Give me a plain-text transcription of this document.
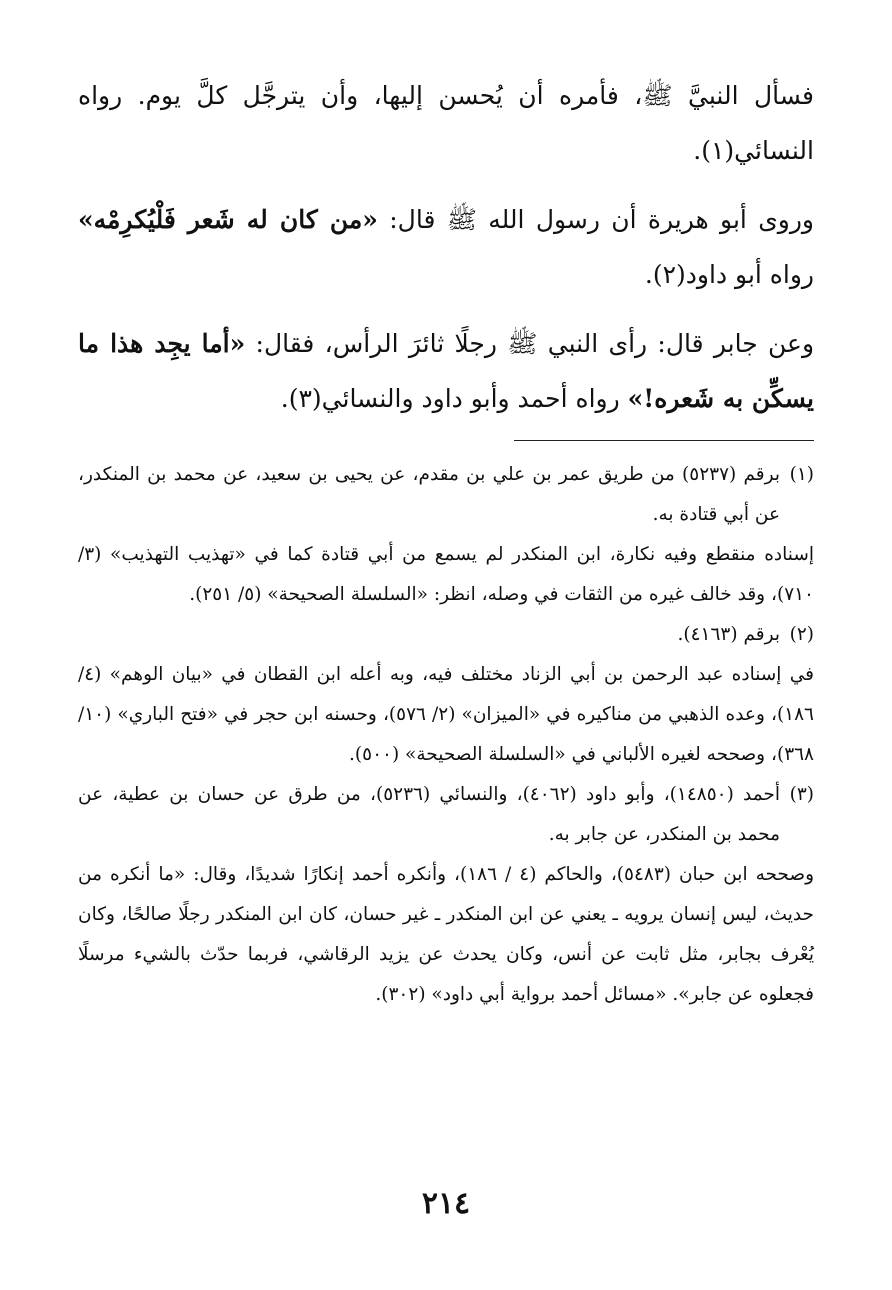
فسأل النبيَّ ﷺ، فأمره أن يُحسن إليها، وأن يترجَّل كلَّ يوم. رواه النسائي(١).

وروى أبو هريرة أن رسول الله ﷺ قال: «من كان له شَعر فَلْيُكرِمْه» رواه أبو داود(٢).

وعن جابر قال: رأى النبي ﷺ رجلًا ثائرَ الرأس، فقال: «أما يجِد هذا ما يسكِّن به شَعره!» رواه أحمد وأبو داود والنسائي(٣).

(١)

برقم (٥٢٣٧) من طريق عمر بن علي بن مقدم، عن يحيى بن سعيد، عن محمد بن المنكدر، عن أبي قتادة به.

إسناده منقطع وفيه نكارة، ابن المنكدر لم يسمع من أبي قتادة كما في «تهذيب التهذيب» (٣/ ٧١٠)، وقد خالف غيره من الثقات في وصله، انظر: «السلسلة الصحيحة» (٥/ ٢٥١).

(٢)

برقم (٤١٦٣).

في إسناده عبد الرحمن بن أبي الزناد مختلف فيه، وبه أعله ابن القطان في «بيان الوهم» (٤/ ١٨٦)، وعده الذهبي من مناكيره في «الميزان» (٢/ ٥٧٦)، وحسنه ابن حجر في «فتح الباري» (١٠/ ٣٦٨)، وصححه لغيره الألباني في «السلسلة الصحيحة» (٥٠٠).

(٣)

أحمد (١٤٨٥٠)، وأبو داود (٤٠٦٢)، والنسائي (٥٢٣٦)، من طرق عن حسان بن عطية، عن محمد بن المنكدر، عن جابر به.

وصححه ابن حبان (٥٤٨٣)، والحاكم (٤ / ١٨٦)، وأنكره أحمد إنكارًا شديدًا، وقال: «ما أنكره من حديث، ليس إنسان يرويه ـ يعني عن ابن المنكدر ـ غير حسان، كان ابن المنكدر رجلًا صالحًا، وكان يُعْرف بجابر، مثل ثابت عن أنس، وكان يحدث عن يزيد الرقاشي، فربما حدّث بالشيء مرسلًا فجعلوه عن جابر». «مسائل أحمد برواية أبي داود» (٣٠٢).

٢١٤
